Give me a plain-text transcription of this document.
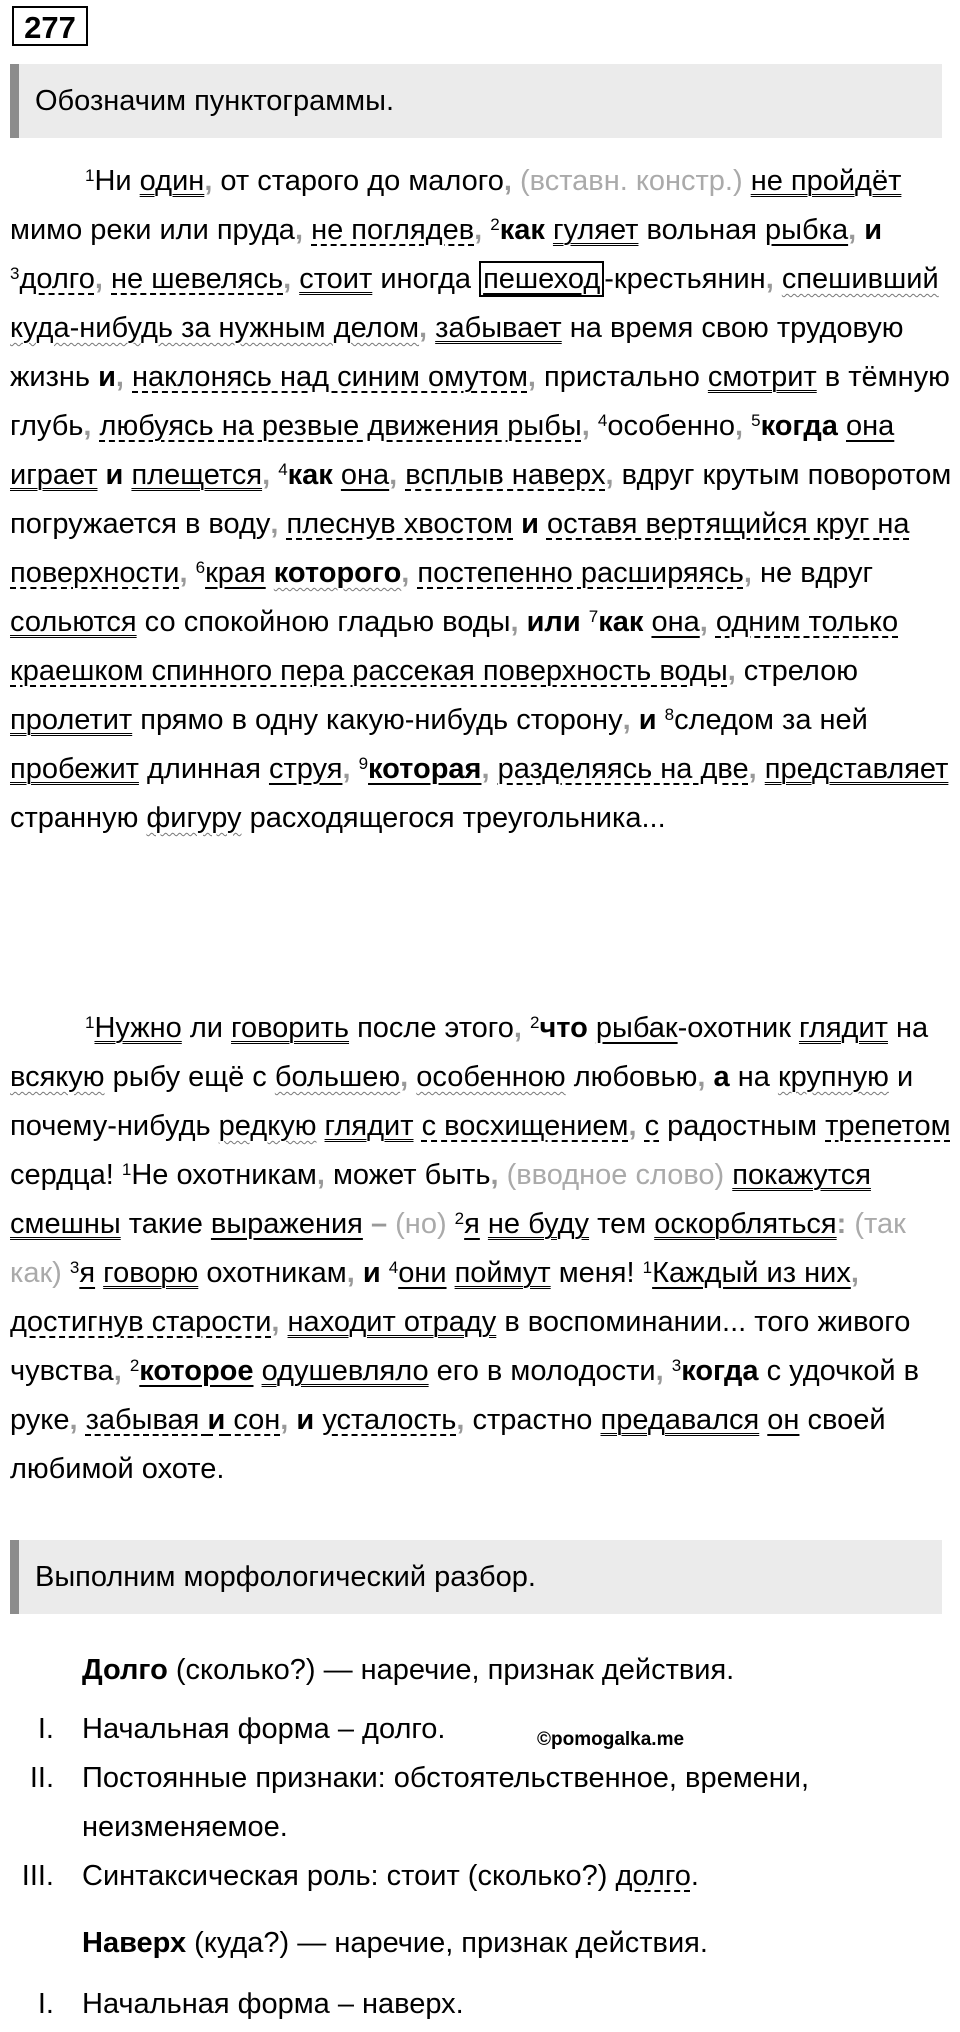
277
Обозначим пунктограммы.

$^1$Ни один, от старого до малого, (вставн. констр.) не пройдёт мимо реки или пруда, не поглядев, $^2$как гуляет вольная рыбка, и $^3$долго, не шевелясь, стоит иногда пешеход -крестьянин, спешивший куда-нибудь за нужным делом, забывает на время свою трудовую жизнь и, наклонясь над синим омутом, пристально смотрит в тёмную глубь, любуясь на резвые движения рыбы, $^4$особенно, $^5$когда она играет и плещется, $^4$как она, всплыв наверх, вдруг крутым поворотом погружается в воду, плеснув хвостом и оставя вертящийся круг на поверхности, $^6$края которого, постепенно расширяясь, не вдруг сольются со спокойною гладью воды, или $^7$как она, одним только краешком спинного пера рассекая поверхность воды, стрелою пролетит прямо в одну какую-нибудь сторону, и $^8$следом за ней пробежит длинная струя, $^9$которая, разделяясь на две, представляет странную фигуру расходящегося треугольника...

$^1$Нужно ли говорить после этого, $^2$что рыбак-охотник глядит на всякую рыбу ещё с большею, особенною любовью, а на крупную и почему-нибудь редкую глядит с восхищением, с радостным трепетом сердца! $^1$Не охотникам, может быть, (вводное слово) покажутся смешны такие выражения – (но) $^2$я не буду тем оскорбляться: (так как) $^3$я говорю охотникам, и $^4$они поймут меня! $^1$Каждый из них, достигнув старости, находит отраду в воспоминании... того живого чувства, $^2$которое одушевляло его в молодости, $^3$когда с удочкой в руке, забывая и сон, и усталость, страстно предавался он своей любимой охоте.

Выполним морфологический разбор.
Долго (сколько?) — наречие, признак действия.
I. Начальная форма – долго.
II. Постоянные признаки: обстоятельственное, времени, неизменяемое.
III. Синтаксическая роль: стоит (сколько?) долго.
Наверх (куда?) — наречие, признак действия.
I. Начальная форма – наверх.
©pomogalka.me
